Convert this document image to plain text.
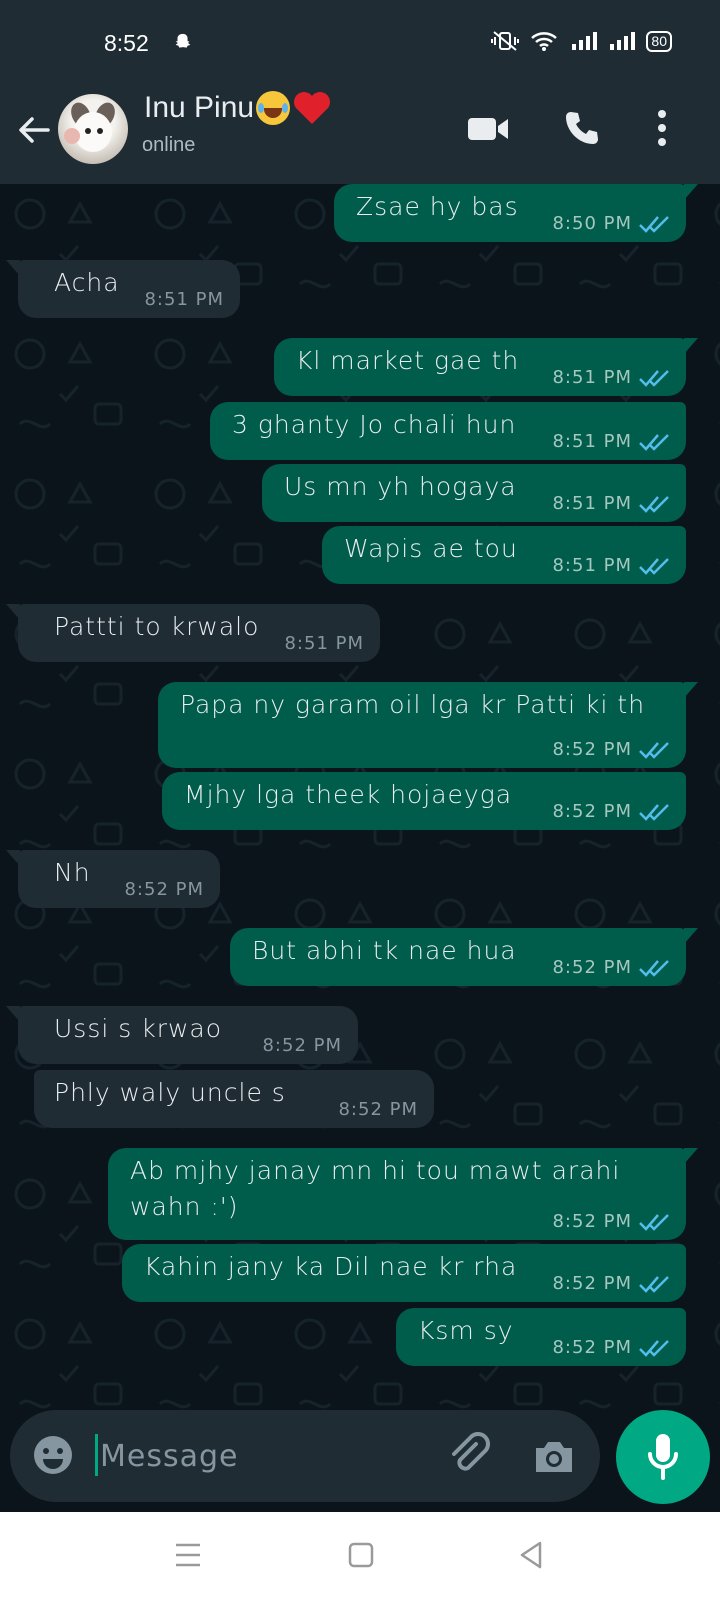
8:52	80
Inu Pinu
online
Zsae hy bas
8:50 PM
Acha
8:51 PM
Kl market gae th
8:51 PM
3 ghanty Jo chali hun
8:51 PM
Us mn yh hogaya
8:51 PM
Wapis ae tou
8:51 PM
Pattti to krwalo
8:51 PM
Papa ny garam oil lga kr Patti ki th
8:52 PM
Mjhy lga theek hojaeyga
8:52 PM
Nh
8:52 PM
But abhi tk nae hua
8:52 PM
Ussi s krwao
8:52 PM
Phly waly uncle s
8:52 PM
Ab mjhy janay mn hi tou mawt arahi
wahn :')
8:52 PM
Kahin jany ka Dil nae kr rha
8:52 PM
Ksm sy
8:52 PM
Message
